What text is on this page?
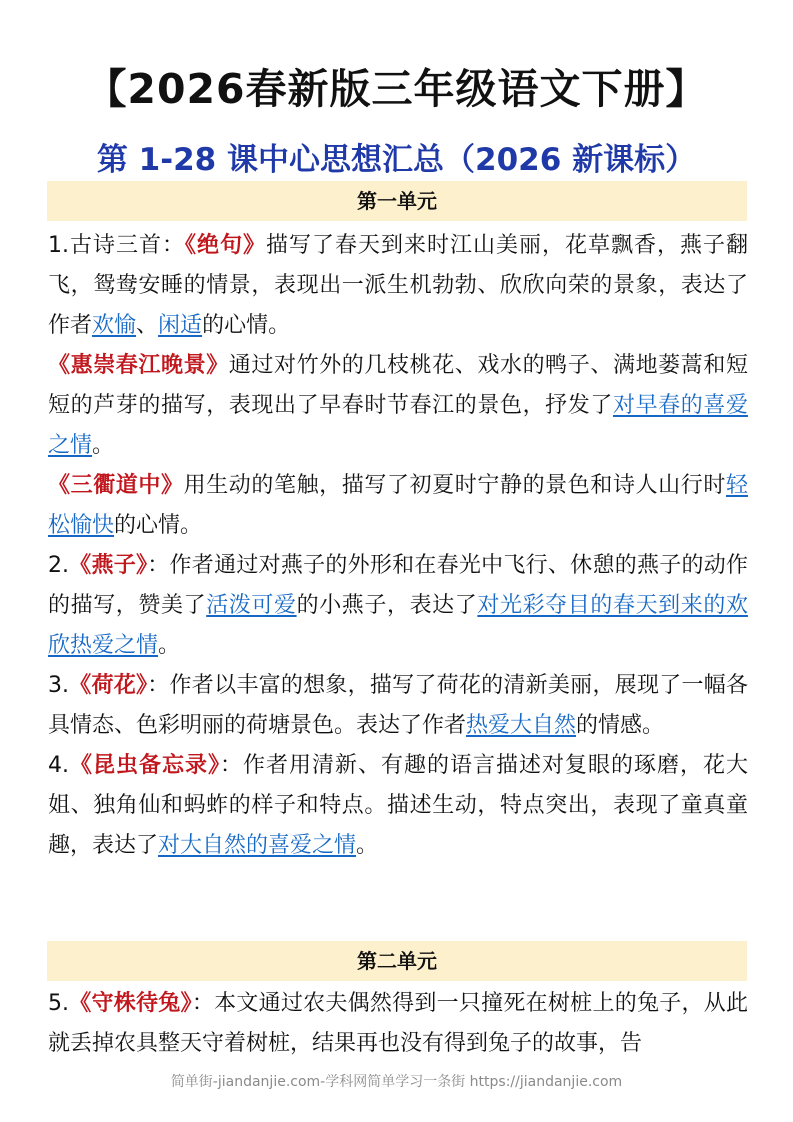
【2026春新版三年级语文下册】
第 1-28 课中心思想汇总（2026 新课标）
第一单元

1.古诗三首：《绝句》描写了春天到来时江山美丽，花草飘香，燕子翻飞，鸳鸯安睡的情景，表现出一派生机勃勃、欣欣向荣的景象，表达了作者欢愉、闲适的心情。

《惠崇春江晚景》通过对竹外的几枝桃花、戏水的鸭子、满地蒌蒿和短短的芦芽的描写，表现出了早春时节春江的景色，抒发了对早春的喜爱之情。

《三衢道中》用生动的笔触，描写了初夏时宁静的景色和诗人山行时轻松愉快的心情。

2.《燕子》：作者通过对燕子的外形和在春光中飞行、休憩的燕子的动作的描写，赞美了活泼可爱的小燕子，表达了对光彩夺目的春天到来的欢欣热爱之情。

3.《荷花》：作者以丰富的想象，描写了荷花的清新美丽，展现了一幅各具情态、色彩明丽的荷塘景色。表达了作者热爱大自然的情感。

4.《昆虫备忘录》：作者用清新、有趣的语言描述对复眼的琢磨，花大姐、独角仙和蚂蚱的样子和特点。描述生动，特点突出，表现了童真童趣，表达了对大自然的喜爱之情。

第二单元

5.《守株待兔》：本文通过农夫偶然得到一只撞死在树桩上的兔子，从此就丢掉农具整天守着树桩，结果再也没有得到兔子的故事，告

简单街-jiandanjie.com-学科网简单学习一条街 https://jiandanjie.com
